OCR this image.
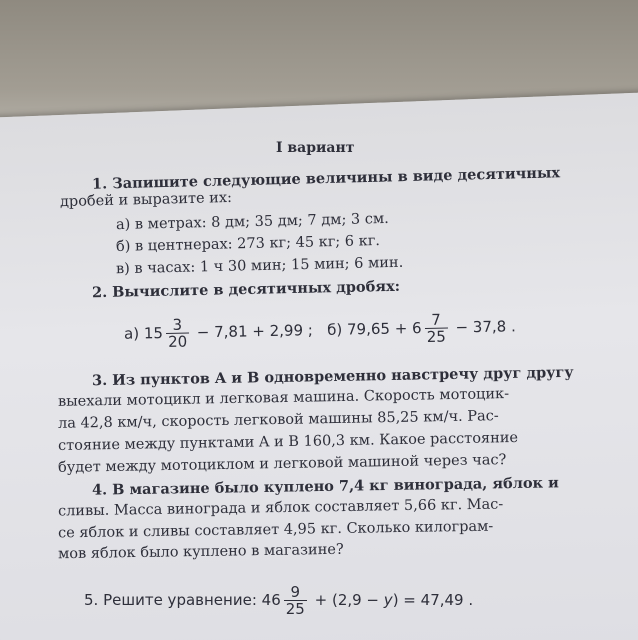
I вариант
1. Запишите следующие величины в виде десятичных
дробей и выразите их:
а) в метрах: 8 дм; 35 дм; 7 дм; 3 см.
б) в центнерах: 273 кг; 45 кг; 6 кг.
в) в часах: 1 ч 30 мин; 15 мин; 6 мин.
2. Вычислите в десятичных дробях:
а) $15 \frac{3}{20} - 7,81 + 2,99$ ; б) $79,65 + 6 \frac{7}{25} - 37,8$ .
3. Из пунктов A и B одновременно навстречу друг другу
выехали мотоцикл и легковая машина. Скорость мотоцик-
ла 42,8 км/ч, скорость легковой машины 85,25 км/ч. Рас-
стояние между пунктами A и B 160,3 км. Какое расстояние
будет между мотоциклом и легковой машиной через час?
4. В магазине было куплено 7,4 кг винограда, яблок и
сливы. Масса винограда и яблок составляет 5,66 кг. Мас-
се яблок и сливы составляет 4,95 кг. Сколько килограм-
мов яблок было куплено в магазине?
5. Решите уравнение: $46 \frac{9}{25} + (2,9 - y) = 47,49$ .
